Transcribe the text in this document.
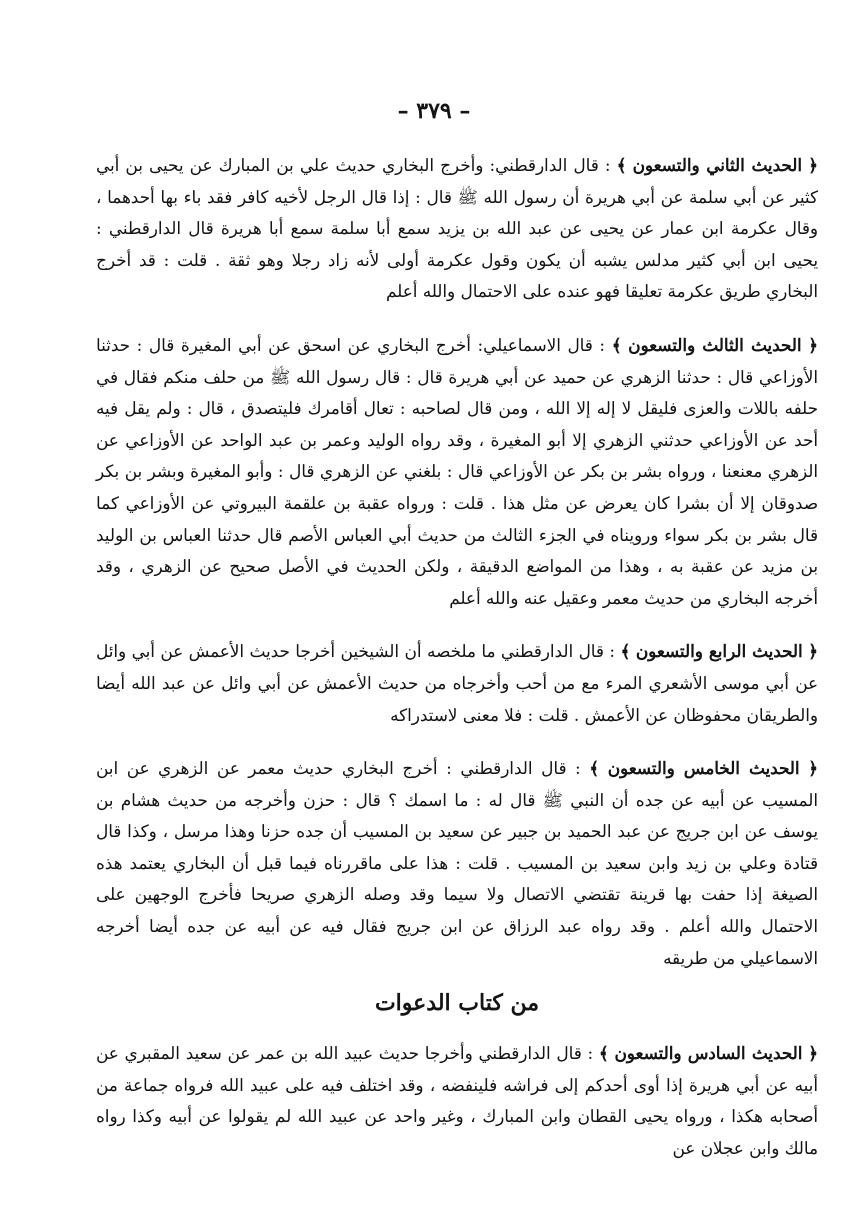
– ٣٧٩ –

﴿ الحديث الثاني والتسعون ﴾ : قال الدارقطني: وأخرج البخاري حديث علي بن المبارك عن يحيى بن أبي كثير عن أبي سلمة عن أبي هريرة أن رسول الله ﷺ قال : إذا قال الرجل لأخيه كافر فقد باء بها أحدهما ، وقال عكرمة ابن عمار عن يحيى عن عبد الله بن يزيد سمع أبا سلمة سمع أبا هريرة قال الدارقطني : يحيى ابن أبي كثير مدلس يشبه أن يكون وقول عكرمة أولى لأنه زاد رجلا وهو ثقة . قلت : قد أخرج البخاري طريق عكرمة تعليقا فهو عنده على الاحتمال والله أعلم

﴿ الحديث الثالث والتسعون ﴾ : قال الاسماعيلي: أخرج البخاري عن اسحق عن أبي المغيرة قال : حدثنا الأوزاعي قال : حدثنا الزهري عن حميد عن أبي هريرة قال : قال رسول الله ﷺ من حلف منكم فقال في حلفه باللات والعزى فليقل لا إله إلا الله ، ومن قال لصاحبه : تعال أقامرك فليتصدق ، قال : ولم يقل فيه أحد عن الأوزاعي حدثني الزهري إلا أبو المغيرة ، وقد رواه الوليد وعمر بن عبد الواحد عن الأوزاعي عن الزهري معنعنا ، ورواه بشر بن بكر عن الأوزاعي قال : بلغني عن الزهري قال : وأبو المغيرة وبشر بن بكر صدوقان إلا أن بشرا كان يعرض عن مثل هذا . قلت : ورواه عقبة بن علقمة البيروتي عن الأوزاعي كما قال بشر بن بكر سواء ورويناه في الجزء الثالث من حديث أبي العباس الأصم قال حدثنا العباس بن الوليد بن مزيد عن عقبة به ، وهذا من المواضع الدقيقة ، ولكن الحديث في الأصل صحيح عن الزهري ، وقد أخرجه البخاري من حديث معمر وعقيل عنه والله أعلم

﴿ الحديث الرابع والتسعون ﴾ : قال الدارقطني ما ملخصه أن الشيخين أخرجا حديث الأعمش عن أبي وائل عن أبي موسى الأشعري المرء مع من أحب وأخرجاه من حديث الأعمش عن أبي وائل عن عبد الله أيضا والطريقان محفوظان عن الأعمش . قلت : فلا معنى لاستدراكه

﴿ الحديث الخامس والتسعون ﴾ : قال الدارقطني : أخرج البخاري حديث معمر عن الزهري عن ابن المسيب عن أبيه عن جده أن النبي ﷺ قال له : ما اسمك ؟ قال : حزن وأخرجه من حديث هشام بن يوسف عن ابن جريج عن عبد الحميد بن جبير عن سعيد بن المسيب أن جده حزنا وهذا مرسل ، وكذا قال قتادة وعلي بن زيد وابن سعيد بن المسيب . قلت : هذا على ماقررناه فيما قبل أن البخاري يعتمد هذه الصيغة إذا حفت بها قرينة تقتضي الاتصال ولا سيما وقد وصله الزهري صريحا فأخرج الوجهين على الاحتمال والله أعلم . وقد رواه عبد الرزاق عن ابن جريج فقال فيه عن أبيه عن جده أيضا أخرجه الاسماعيلي من طريقه

من كتاب الدعوات

﴿ الحديث السادس والتسعون ﴾ : قال الدارقطني وأخرجا حديث عبيد الله بن عمر عن سعيد المقبري عن أبيه عن أبي هريرة إذا أوى أحدكم إلى فراشه فلينفضه ، وقد اختلف فيه على عبيد الله فرواه جماعة من أصحابه هكذا ، ورواه يحيى القطان وابن المبارك ، وغير واحد عن عبيد الله لم يقولوا عن أبيه وكذا رواه مالك وابن عجلان عن
